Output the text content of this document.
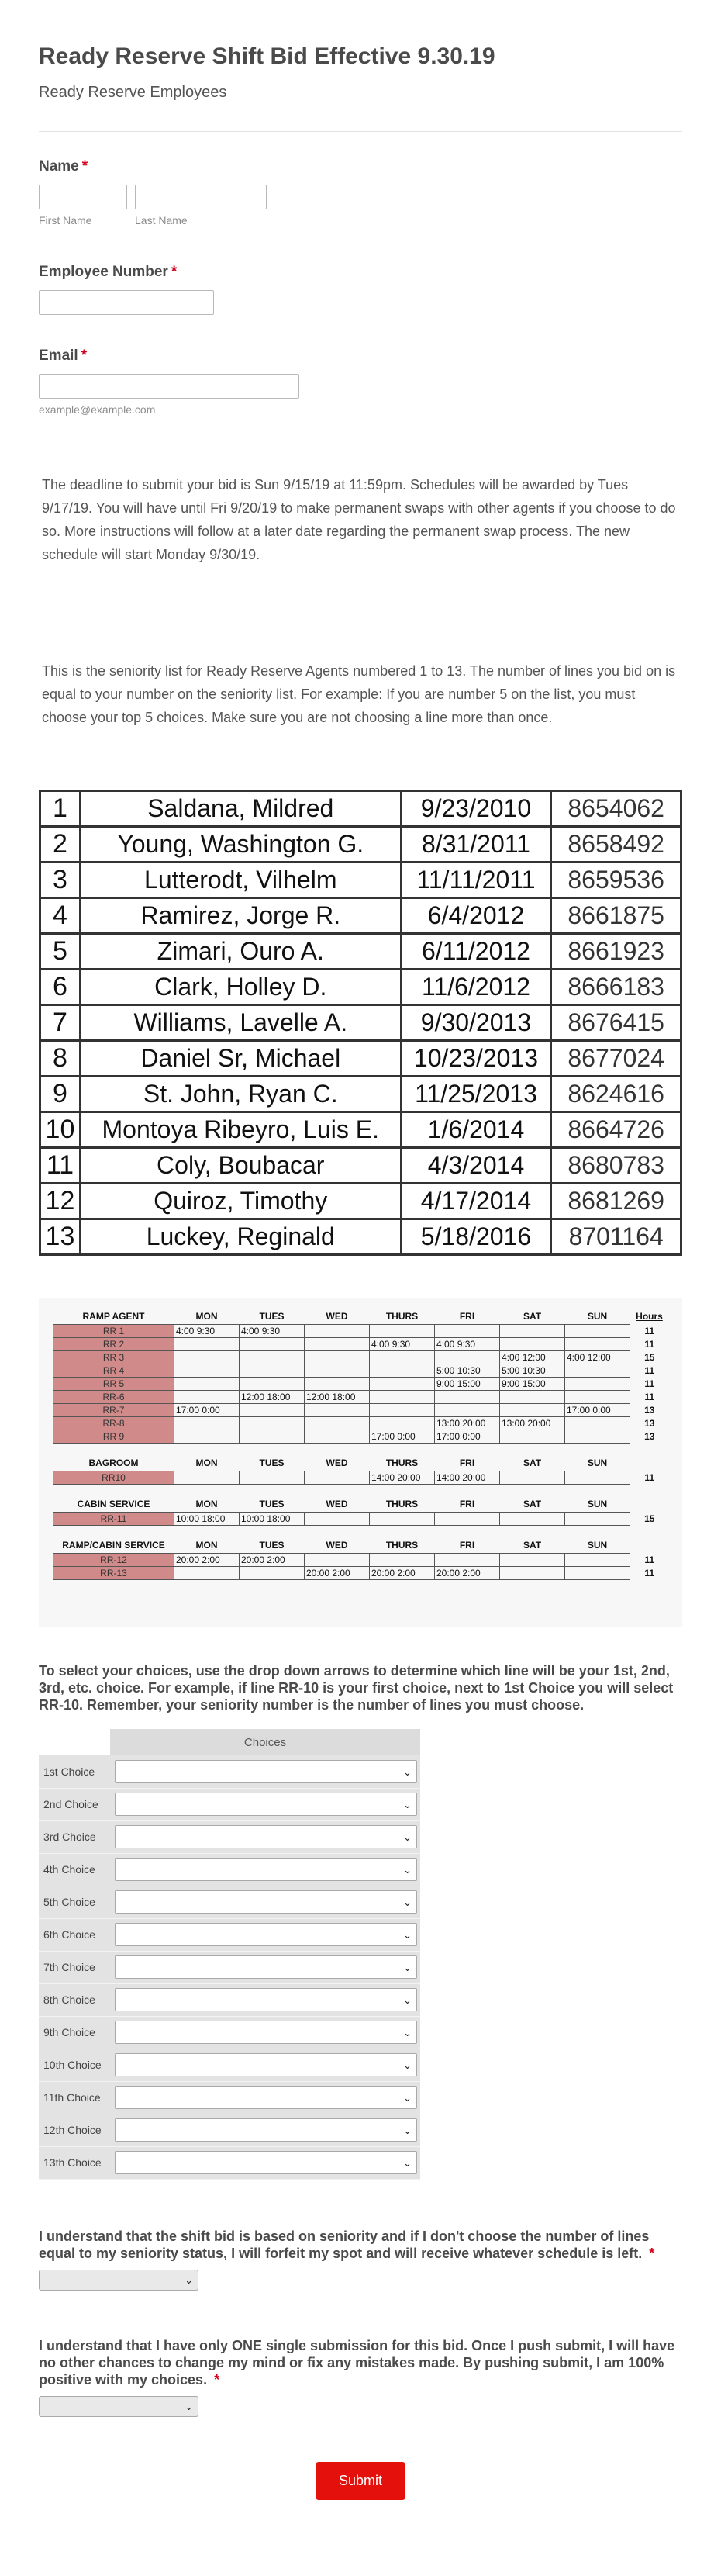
Ready Reserve Shift Bid Effective 9.30.19

Ready Reserve Employees

Name *
First Name	Last Name
Employee Number *
Email *
example@example.com

The deadline to submit your bid is Sun 9/15/19 at 11:59pm. Schedules will be awarded by Tues 9/17/19. You will have until Fri 9/20/19 to make permanent swaps with other agents if you choose to do so. More instructions will follow at a later date regarding the permanent swap process. The new schedule will start Monday 9/30/19.

This is the seniority list for Ready Reserve Agents numbered 1 to 13. The number of lines you bid on is equal to your number on the seniority list. For example: If you are number 5 on the list, you must choose your top 5 choices. Make sure you are not choosing a line more than once.

1	Saldana, Mildred	9/23/2010	8654062
2	Young, Washington G.	8/31/2011	8658492
3	Lutterodt, Vilhelm	11/11/2011	8659536
4	Ramirez, Jorge R.	6/4/2012	8661875
5	Zimari, Ouro A.	6/11/2012	8661923
6	Clark, Holley D.	11/6/2012	8666183
7	Williams, Lavelle A.	9/30/2013	8676415
8	Daniel Sr, Michael	10/23/2013	8677024
9	St. John, Ryan C.	11/25/2013	8624616
10	Montoya Ribeyro, Luis E.	1/6/2014	8664726
11	Coly, Boubacar	4/3/2014	8680783
12	Quiroz, Timothy	4/17/2014	8681269
13	Luckey, Reginald	5/18/2016	8701164
RAMP AGENT	MON	TUES	WED	THURS	FRI	SAT	SUN	Hours
RR 1	4:00 9:30	4:00 9:30						11
RR 2				4:00 9:30	4:00 9:30			11
RR 3						4:00 12:00	4:00 12:00	15
RR 4					5:00 10:30	5:00 10:30		11
RR 5					9:00 15:00	9:00 15:00		11
RR-6		12:00 18:00	12:00 18:00					11
RR-7	17:00 0:00						17:00 0:00	13
RR-8					13:00 20:00	13:00 20:00		13
RR 9				17:00 0:00	17:00 0:00			13

BAGROOM	MON	TUES	WED	THURS	FRI	SAT	SUN	
RR10				14:00 20:00	14:00 20:00			11

CABIN SERVICE	MON	TUES	WED	THURS	FRI	SAT	SUN	
RR-11	10:00 18:00	10:00 18:00						15

RAMP/CABIN SERVICE	MON	TUES	WED	THURS	FRI	SAT	SUN	
RR-12	20:00 2:00	20:00 2:00						11
RR-13			20:00 2:00	20:00 2:00	20:00 2:00			11

To select your choices, use the drop down arrows to determine which line will be your 1st, 2nd, 3rd, etc. choice. For example, if line RR-10 is your first choice, next to 1st Choice you will select RR-10. Remember, your seniority number is the number of lines you must choose.

	Choices
1st Choice	⌄

2nd Choice	⌄

3rd Choice	⌄

4th Choice	⌄

5th Choice	⌄

6th Choice	⌄

7th Choice	⌄

8th Choice	⌄

9th Choice	⌄

10th Choice	⌄

11th Choice	⌄

12th Choice	⌄

13th Choice	⌄

I understand that the shift bid is based on seniority and if I don't choose the number of lines equal to my seniority status, I will forfeit my spot and will receive whatever schedule is left. *

⌄

I understand that I have only ONE single submission for this bid. Once I push submit, I will have no other chances to change my mind or fix any mistakes made. By pushing submit, I am 100% positive with my choices. *

⌄
Submit
